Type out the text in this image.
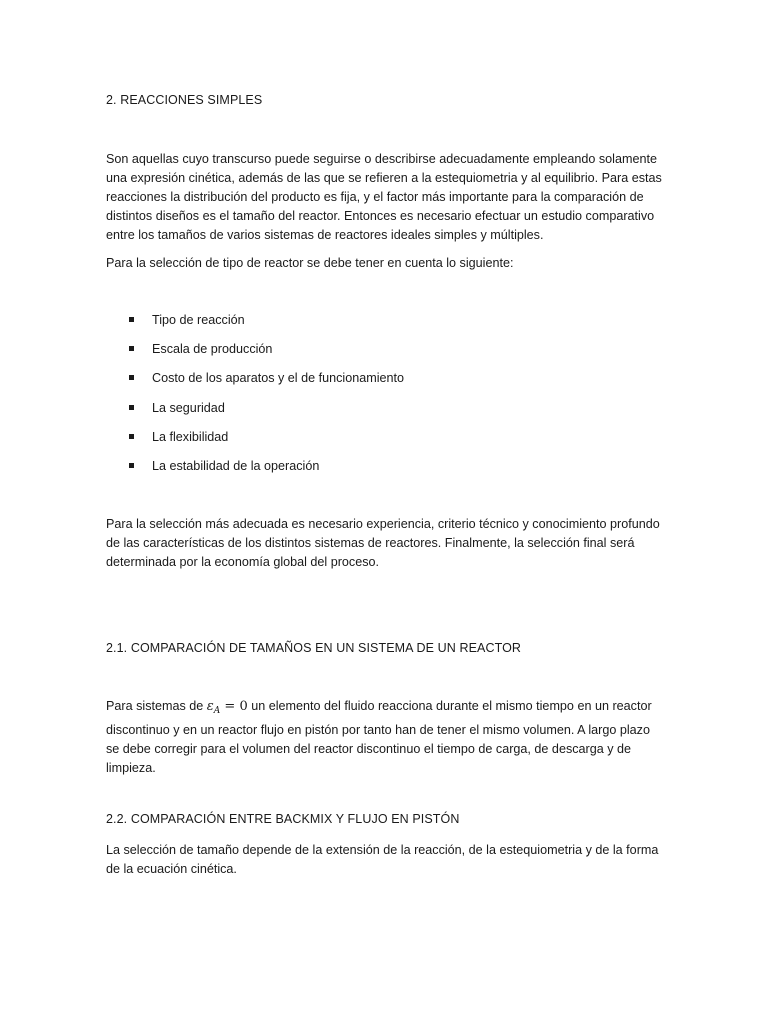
2. REACCIONES SIMPLES
Son aquellas cuyo transcurso puede seguirse o describirse adecuadamente empleando solamente
una expresión cinética, además de las que se refieren a la estequiometria y al equilibrio. Para estas
reacciones la distribución del producto es fija, y el factor más importante para la comparación de
distintos diseños es el tamaño del reactor. Entonces es necesario efectuar un estudio comparativo
entre los tamaños de varios sistemas de reactores ideales simples y múltiples.

Para la selección de tipo de reactor se debe tener en cuenta lo siguiente:

Tipo de reacción
Escala de producción
Costo de los aparatos y el de funcionamiento
La seguridad
La flexibilidad
La estabilidad de la operación
Para la selección más adecuada es necesario experiencia, criterio técnico y conocimiento profundo
de las características de los distintos sistemas de reactores. Finalmente, la selección final será
determinada por la economía global del proceso.
2.1. COMPARACIÓN DE TAMAÑOS EN UN SISTEMA DE UN REACTOR
Para sistemas de $\varepsilon_A = 0$ un elemento del fluido reacciona durante el mismo tiempo en un reactor
discontinuo y en un reactor flujo en pistón por tanto han de tener el mismo volumen. A largo plazo
se debe corregir para el volumen del reactor discontinuo el tiempo de carga, de descarga y de
limpieza.
2.2. COMPARACIÓN ENTRE BACKMIX Y FLUJO EN PISTÓN
La selección de tamaño depende de la extensión de la reacción, de la estequiometria y de la forma
de la ecuación cinética.
